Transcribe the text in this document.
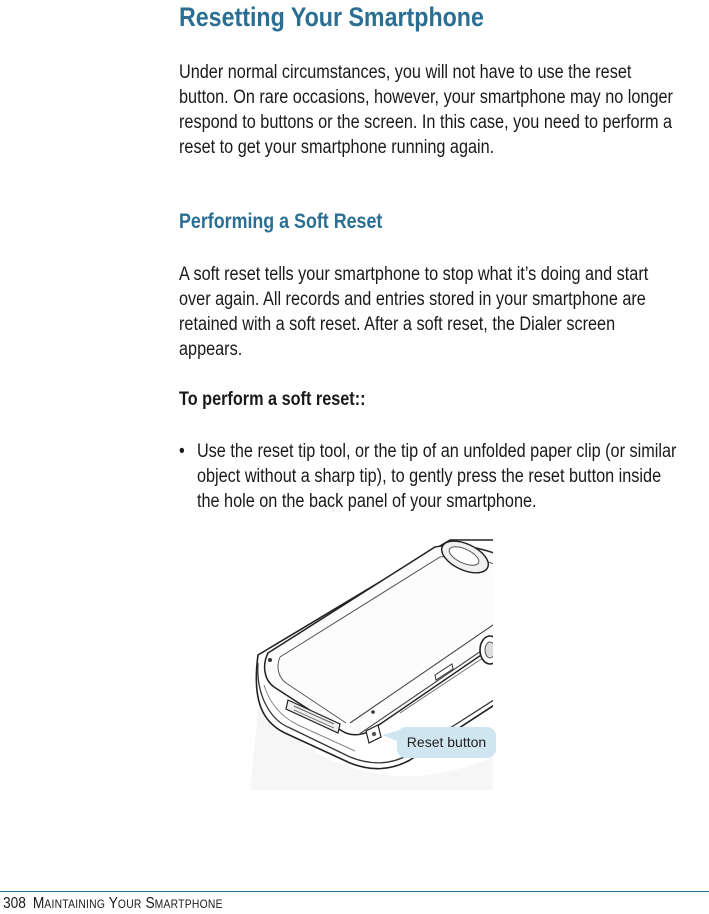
Resetting Your Smartphone

Under normal circumstances, you will not have to use the reset button. On rare occasions, however, your smartphone may no longer respond to buttons or the screen. In this case, you need to perform a reset to get your smartphone running again.

Performing a Soft Reset

A soft reset tells your smartphone to stop what it’s doing and start over again. All records and entries stored in your smartphone are retained with a soft reset. After a soft reset, the Dialer screen appears.

To perform a soft reset::

• Use the reset tip tool, or the tip of an unfolded paper clip (or similar object without a sharp tip), to gently press the reset button inside the hole on the back panel of your smartphone.

Reset button

308 MAINTAINING YOUR SMARTPHONE
